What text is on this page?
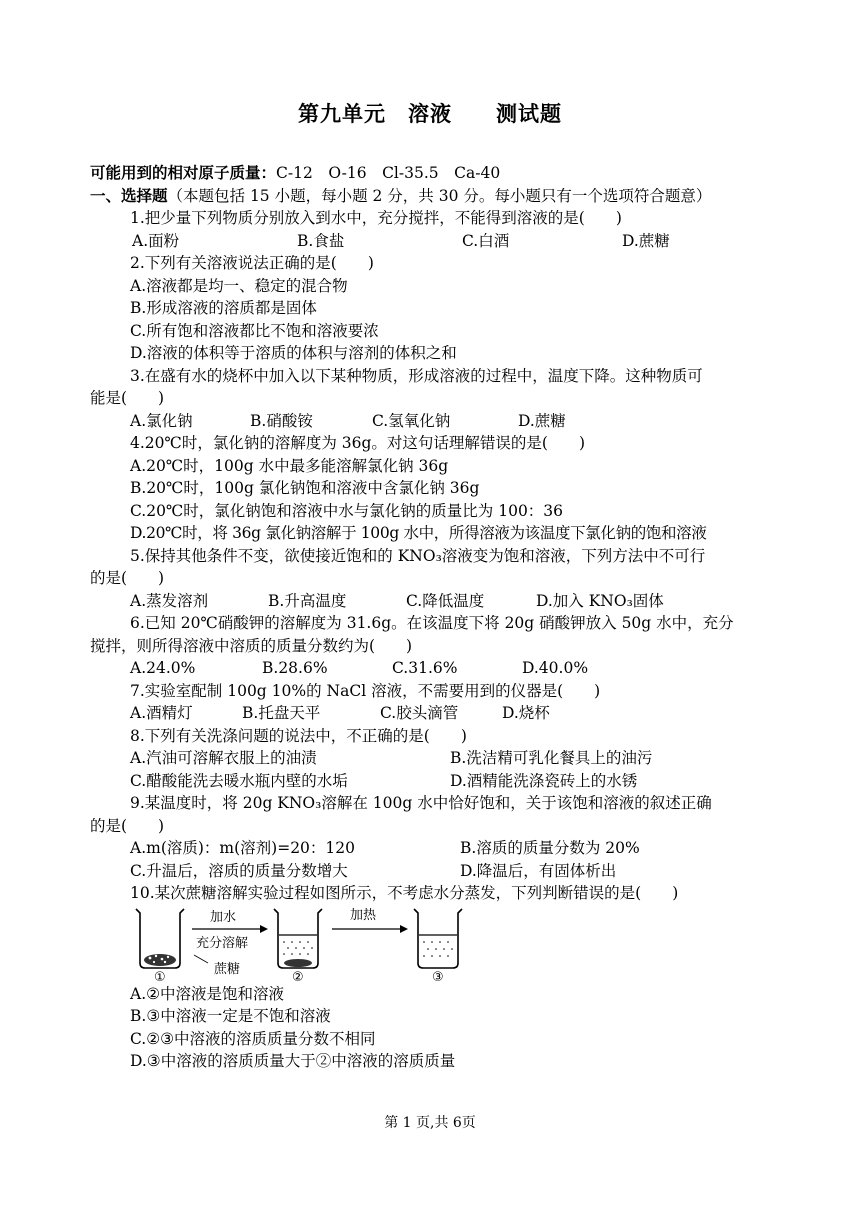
第九单元　溶液　　测试题
可能用到的相对原子质量：C-12　O-16　Cl-35.5　Ca-40
一、选择题（本题包括 15 小题，每小题 2 分，共 30 分。每小题只有一个选项符合题意）
1.把少量下列物质分别放入到水中，充分搅拌，不能得到溶液的是(　　)
A.面粉	B.食盐	C.白酒	D.蔗糖
2.下列有关溶液说法正确的是(　　)
A.溶液都是均一、稳定的混合物
B.形成溶液的溶质都是固体
C.所有饱和溶液都比不饱和溶液要浓
D.溶液的体积等于溶质的体积与溶剂的体积之和
3.在盛有水的烧杯中加入以下某种物质，形成溶液的过程中，温度下降。这种物质可
能是(　　)
A.氯化钠	B.硝酸铵	C.氢氧化钠	D.蔗糖
4.20℃时，氯化钠的溶解度为 36g。对这句话理解错误的是(　　)
A.20℃时，100g 水中最多能溶解氯化钠 36g
B.20℃时，100g 氯化钠饱和溶液中含氯化钠 36g
C.20℃时，氯化钠饱和溶液中水与氯化钠的质量比为 100：36
D.20℃时，将 36g 氯化钠溶解于 100g 水中，所得溶液为该温度下氯化钠的饱和溶液
5.保持其他条件不变，欲使接近饱和的 KNO₃溶液变为饱和溶液，下列方法中不可行
的是(　　)
A.蒸发溶剂	B.升高温度	C.降低温度	D.加入 KNO₃固体
6.已知 20℃硝酸钾的溶解度为 31.6g。在该温度下将 20g 硝酸钾放入 50g 水中，充分
搅拌，则所得溶液中溶质的质量分数约为(　　)
A.24.0%	B.28.6%	C.31.6%	D.40.0%
7.实验室配制 100g 10%的 NaCl 溶液，不需要用到的仪器是(　　)
A.酒精灯	B.托盘天平	C.胶头滴管	D.烧杯
8.下列有关洗涤问题的说法中，不正确的是(　　)
A.汽油可溶解衣服上的油渍	B.洗洁精可乳化餐具上的油污
C.醋酸能洗去暖水瓶内壁的水垢	D.酒精能洗涤瓷砖上的水锈
9.某温度时，将 20g KNO₃溶解在 100g 水中恰好饱和，关于该饱和溶液的叙述正确
的是(　　)
A.m(溶质)：m(溶剂)=20：120	B.溶质的质量分数为 20%
C.升温后，溶质的质量分数增大	D.降温后，有固体析出
10.某次蔗糖溶解实验过程如图所示，不考虑水分蒸发，下列判断错误的是(　　)
①
加水
充分溶解
蔗糖
②
加热
③
A.②中溶液是饱和溶液
B.③中溶液一定是不饱和溶液
C.②③中溶液的溶质质量分数不相同
D.③中溶液的溶质质量大于②中溶液的溶质质量
第 1 页,共 6页
